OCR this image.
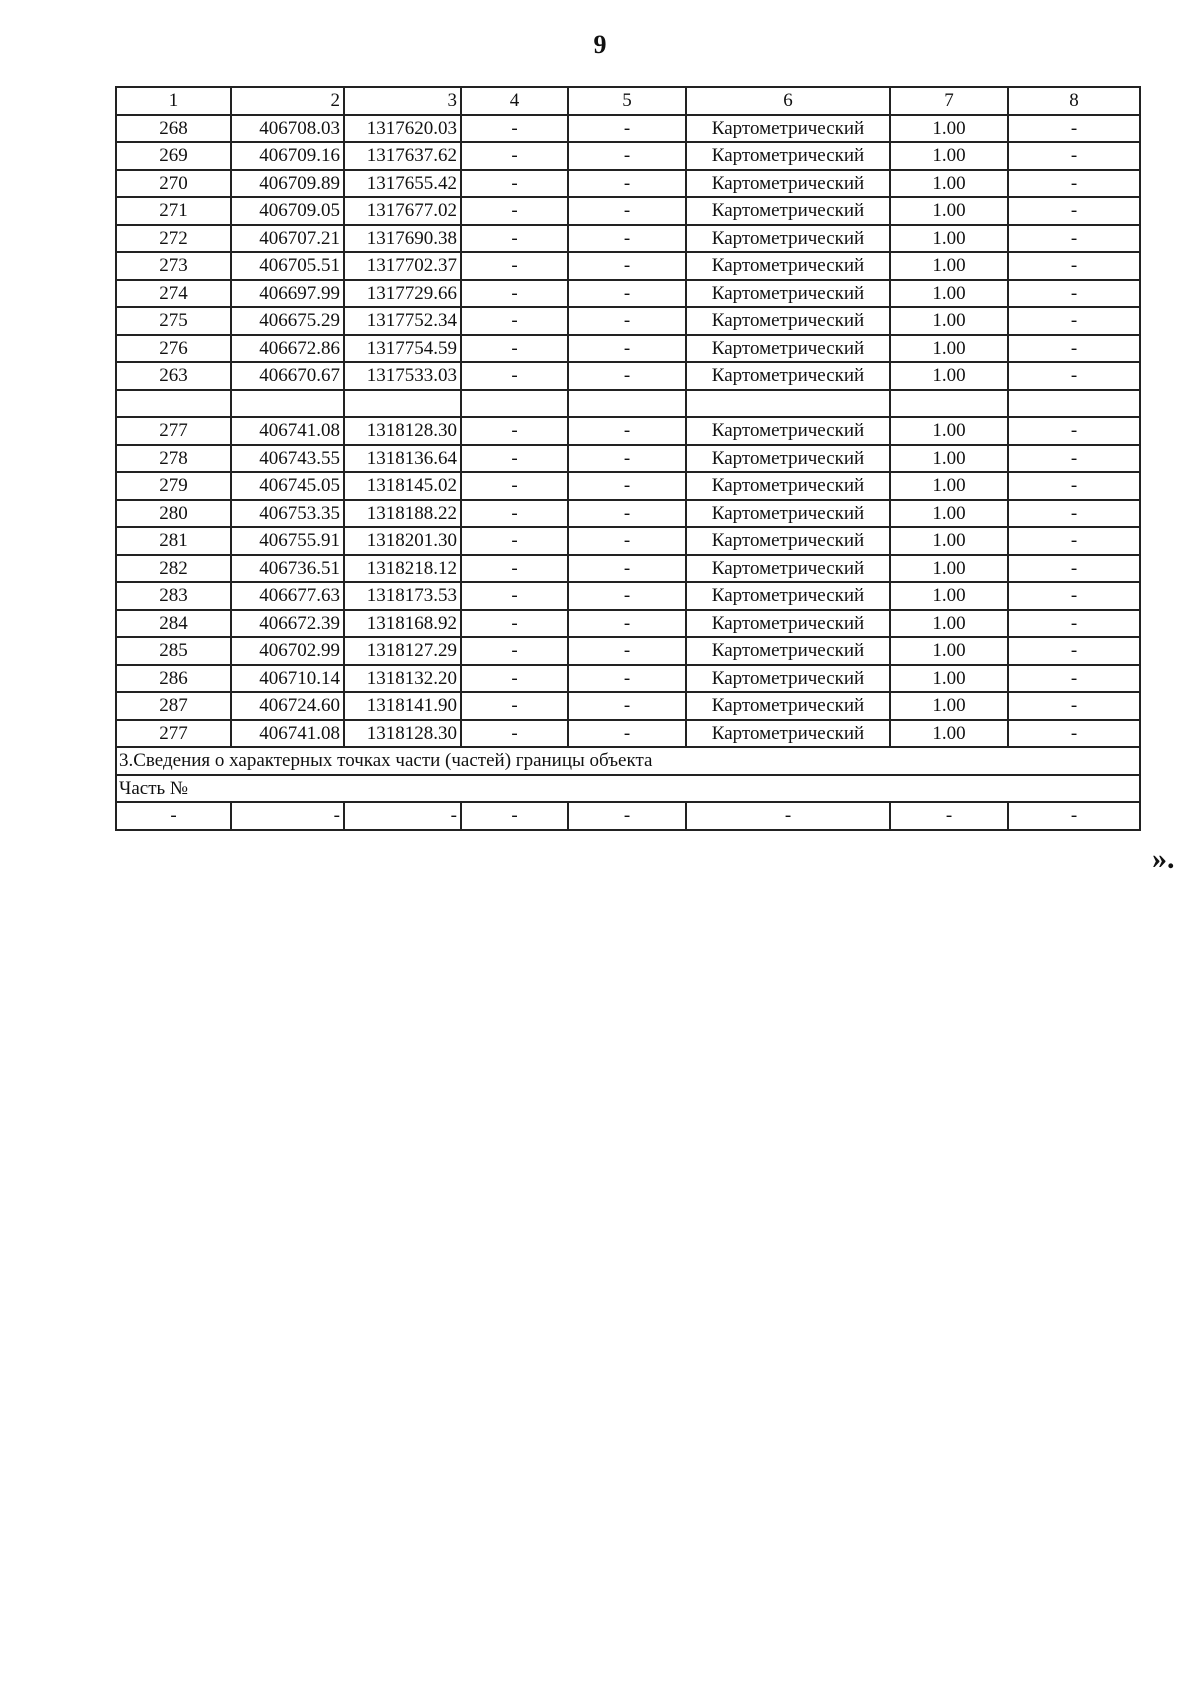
9
1	2	3	4	5	6	7	8
268	406708.03	1317620.03	-	-	Картометрический	1.00	-
269	406709.16	1317637.62	-	-	Картометрический	1.00	-
270	406709.89	1317655.42	-	-	Картометрический	1.00	-
271	406709.05	1317677.02	-	-	Картометрический	1.00	-
272	406707.21	1317690.38	-	-	Картометрический	1.00	-
273	406705.51	1317702.37	-	-	Картометрический	1.00	-
274	406697.99	1317729.66	-	-	Картометрический	1.00	-
275	406675.29	1317752.34	-	-	Картометрический	1.00	-
276	406672.86	1317754.59	-	-	Картометрический	1.00	-
263	406670.67	1317533.03	-	-	Картометрический	1.00	-

277	406741.08	1318128.30	-	-	Картометрический	1.00	-
278	406743.55	1318136.64	-	-	Картометрический	1.00	-
279	406745.05	1318145.02	-	-	Картометрический	1.00	-
280	406753.35	1318188.22	-	-	Картометрический	1.00	-
281	406755.91	1318201.30	-	-	Картометрический	1.00	-
282	406736.51	1318218.12	-	-	Картометрический	1.00	-
283	406677.63	1318173.53	-	-	Картометрический	1.00	-
284	406672.39	1318168.92	-	-	Картометрический	1.00	-
285	406702.99	1318127.29	-	-	Картометрический	1.00	-
286	406710.14	1318132.20	-	-	Картометрический	1.00	-
287	406724.60	1318141.90	-	-	Картометрический	1.00	-
277	406741.08	1318128.30	-	-	Картометрический	1.00	-
3.Сведения о характерных точках части (частей) границы объекта							
Часть №							
-	-	-	-	-	-	-	-
».
